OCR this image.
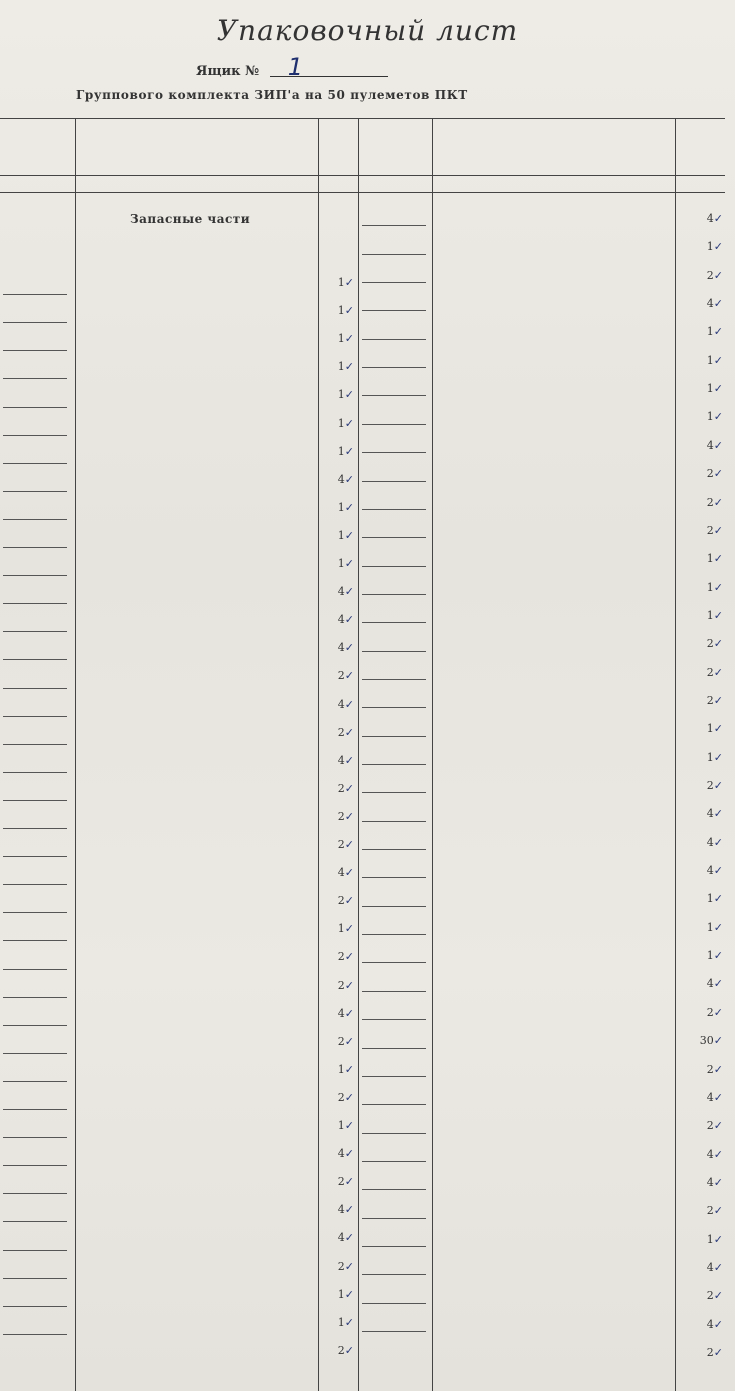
Упаковочный лист
Ящик № 1
Группового комплекта ЗИП'а на 50 пулеметов ПКТ
Запасные части
1✓
1✓
1✓
1✓
1✓
1✓
1✓
4✓
1✓
1✓
1✓
4✓
4✓
4✓
2✓
4✓
2✓
4✓
2✓
2✓
2✓
4✓
2✓
1✓
2✓
2✓
4✓
2✓
1✓
2✓
1✓
4✓
2✓
4✓
4✓
2✓
1✓
1✓
2✓
4✓
1✓
2✓
4✓
1✓
1✓
1✓
1✓
4✓
2✓
2✓
2✓
1✓
1✓
1✓
2✓
2✓
2✓
1✓
1✓
2✓
4✓
4✓
4✓
1✓
1✓
1✓
4✓
2✓
30✓
2✓
4✓
2✓
4✓
4✓
2✓
1✓
4✓
2✓
4✓
2✓
